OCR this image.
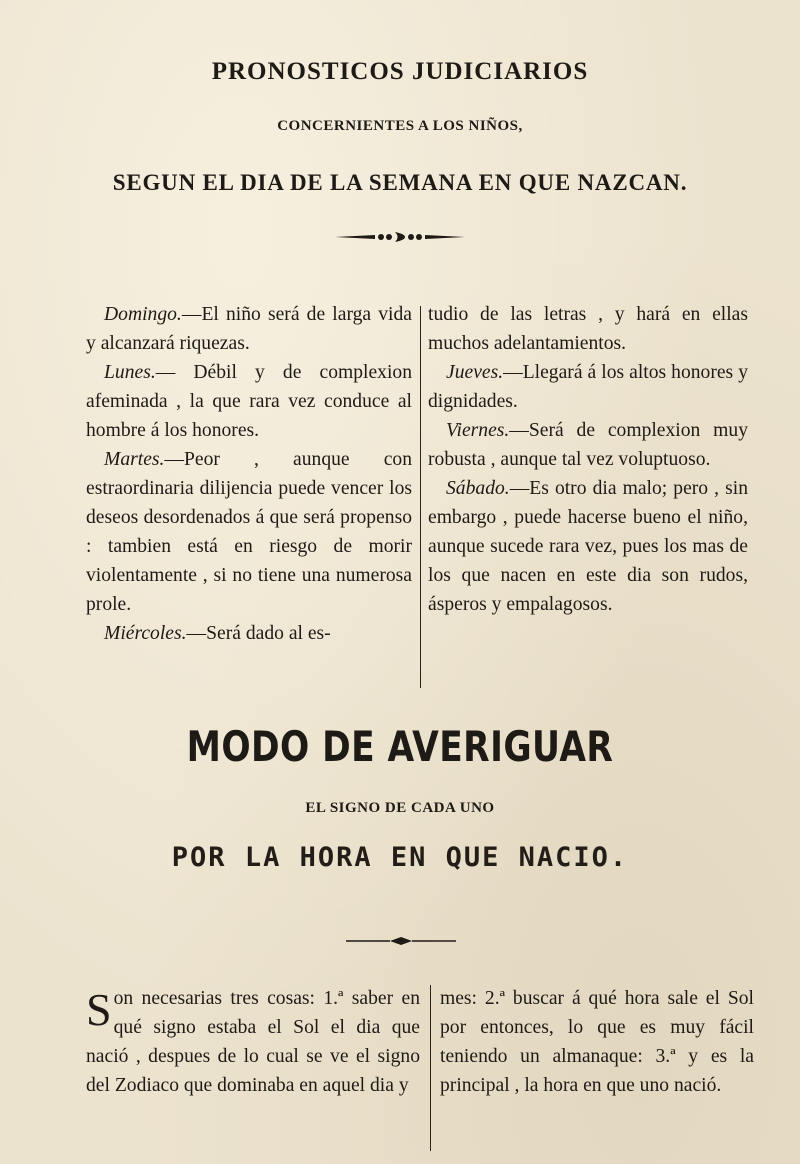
PRONOSTICOS JUDICIARIOS
CONCERNIENTES A LOS NIÑOS,
SEGUN EL DIA DE LA SEMANA EN QUE NAZCAN.

Domingo.—El niño será de larga vida y alcanzará riquezas.

Lunes.— Débil y de complexion afeminada , la que rara vez conduce al hombre á los honores.

Martes.—Peor , aunque con estraordinaria dilijencia puede vencer los deseos desordenados á que será propenso : tambien está en riesgo de morir violentamente , si no tiene una numerosa prole.

Miércoles.—Será dado al es-

tudio de las letras , y hará en ellas muchos adelantamientos.

Jueves.—Llegará á los altos honores y dignidades.

Viernes.—Será de complexion muy robusta , aunque tal vez voluptuoso.

Sábado.—Es otro dia malo; pero , sin embargo , puede hacerse bueno el niño, aunque sucede rara vez, pues los mas de los que nacen en este dia son rudos, ásperos y empalagosos.

MODO DE AVERIGUAR
EL SIGNO DE CADA UNO
POR LA HORA EN QUE NACIO.

Son necesarias tres cosas: 1.ª saber en qué signo estaba el Sol el dia que nació , despues de lo cual se ve el signo del Zodiaco que dominaba en aquel dia y

mes: 2.ª buscar á qué hora sale el Sol por entonces, lo que es muy fácil teniendo un almanaque: 3.ª y es la principal , la hora en que uno nació.
